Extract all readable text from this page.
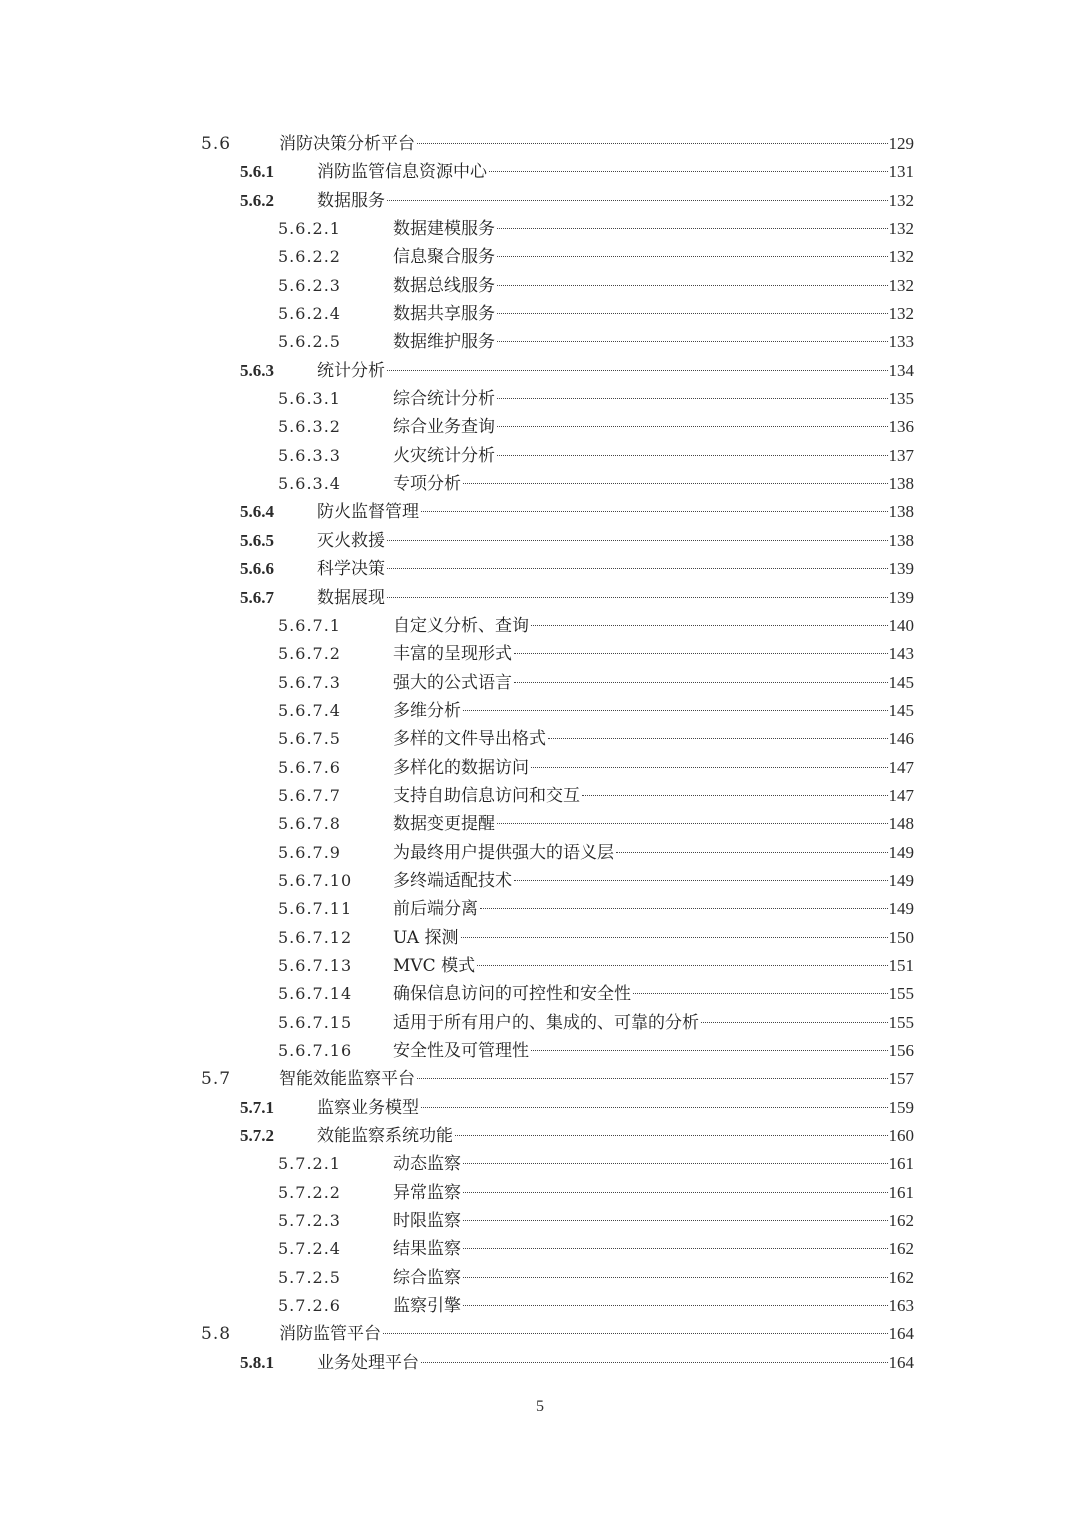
5.6	消防决策分析平台	129
5.6.1	消防监管信息资源中心	131
5.6.2	数据服务	132
5.6.2.1	数据建模服务	132
5.6.2.2	信息聚合服务	132
5.6.2.3	数据总线服务	132
5.6.2.4	数据共享服务	132
5.6.2.5	数据维护服务	133
5.6.3	统计分析	134
5.6.3.1	综合统计分析	135
5.6.3.2	综合业务查询	136
5.6.3.3	火灾统计分析	137
5.6.3.4	专项分析	138
5.6.4	防火监督管理	138
5.6.5	灭火救援	138
5.6.6	科学决策	139
5.6.7	数据展现	139
5.6.7.1	自定义分析、查询	140
5.6.7.2	丰富的呈现形式	143
5.6.7.3	强大的公式语言	145
5.6.7.4	多维分析	145
5.6.7.5	多样的文件导出格式	146
5.6.7.6	多样化的数据访问	147
5.6.7.7	支持自助信息访问和交互	147
5.6.7.8	数据变更提醒	148
5.6.7.9	为最终用户提供强大的语义层	149
5.6.7.10 多终端适配技术	149
5.6.7.11 前后端分离	149
5.6.7.12 UA 探测	150
5.6.7.13 MVC 模式	151
5.6.7.14 确保信息访问的可控性和安全性	155
5.6.7.15 适用于所有用户的、集成的、可靠的分析	155
5.6.7.16 安全性及可管理性	156
5.7	智能效能监察平台	157
5.7.1	监察业务模型	159
5.7.2	效能监察系统功能	160
5.7.2.1	动态监察	161
5.7.2.2	异常监察	161
5.7.2.3	时限监察	162
5.7.2.4	结果监察	162
5.7.2.5	综合监察	162
5.7.2.6	监察引擎	163
5.8	消防监管平台	164
5.8.1	业务处理平台	164
5
